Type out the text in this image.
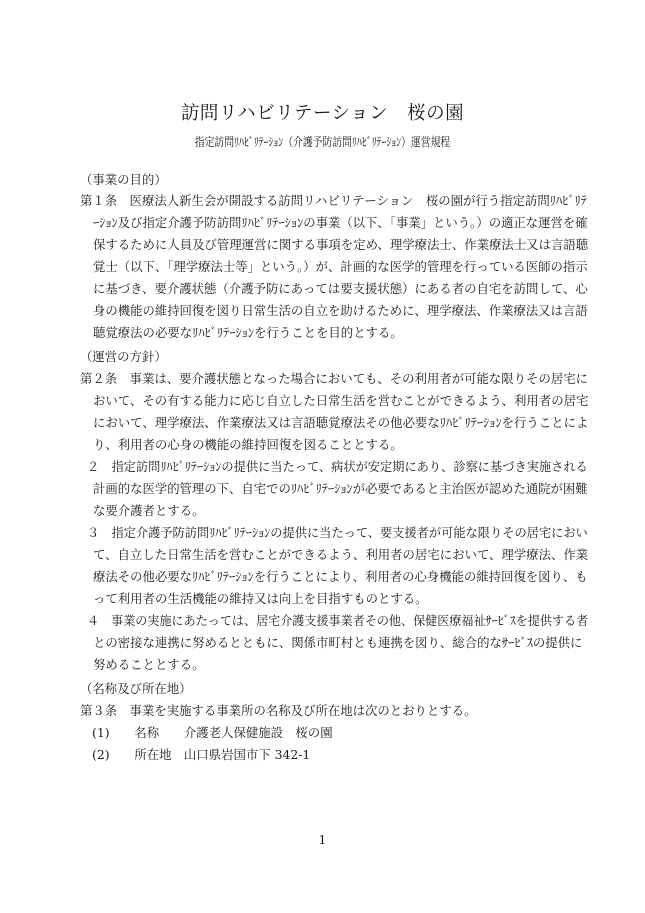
訪問リハビリテーション　桜の園
指定訪問ﾘﾊﾋﾞﾘﾃｰｼｮﾝ（介護予防訪問ﾘﾊﾋﾞﾘﾃｰｼｮﾝ）運営規程
（事業の目的）
第１条　医療法人新生会が開設する訪問リハビリテーション　桜の園が行う指定訪問ﾘﾊﾋﾞﾘﾃ
ｰｼｮﾝ及び指定介護予防訪問ﾘﾊﾋﾞﾘﾃｰｼｮﾝの事業（以下、「事業」という。）の適正な運営を確
保するために人員及び管理運営に関する事項を定め、理学療法士、作業療法士又は言語聴
覚士（以下、「理学療法士等」という。）が、計画的な医学的管理を行っている医師の指示
に基づき、要介護状態（介護予防にあっては要支援状態）にある者の自宅を訪問して、心
身の機能の維持回復を図り日常生活の自立を助けるために、理学療法、作業療法又は言語
聴覚療法の必要なﾘﾊﾋﾞﾘﾃｰｼｮﾝを行うことを目的とする。
（運営の方針）
第２条　事業は、要介護状態となった場合においても、その利用者が可能な限りその居宅に
おいて、その有する能力に応じ自立した日常生活を営むことができるよう、利用者の居宅
において、理学療法、作業療法又は言語聴覚療法その他必要なﾘﾊﾋﾞﾘﾃｰｼｮﾝを行うことによ
り、利用者の心身の機能の維持回復を図ることとする。
２　指定訪問ﾘﾊﾋﾞﾘﾃｰｼｮﾝの提供に当たって、病状が安定期にあり、診察に基づき実施される
計画的な医学的管理の下、自宅でのﾘﾊﾋﾞﾘﾃｰｼｮﾝが必要であると主治医が認めた通院が困難
な要介護者とする。
３　指定介護予防訪問ﾘﾊﾋﾞﾘﾃｰｼｮﾝの提供に当たって、要支援者が可能な限りその居宅におい
て、自立した日常生活を営むことができるよう、利用者の居宅において、理学療法、作業
療法その他必要なﾘﾊﾋﾞﾘﾃｰｼｮﾝを行うことにより、利用者の心身機能の維持回復を図り、も
って利用者の生活機能の維持又は向上を目指すものとする。
４　事業の実施にあたっては、居宅介護支援事業者その他、保健医療福祉ｻｰﾋﾞｽを提供する者
との密接な連携に努めるとともに、関係市町村とも連携を図り、総合的なｻｰﾋﾞｽの提供に
努めることとする。
（名称及び所在地）
第３条　事業を実施する事業所の名称及び所在地は次のとおりとする。
(1)　　名称　　介護老人保健施設　桜の園
(2)　　所在地　山口県岩国市下 342-1
1
